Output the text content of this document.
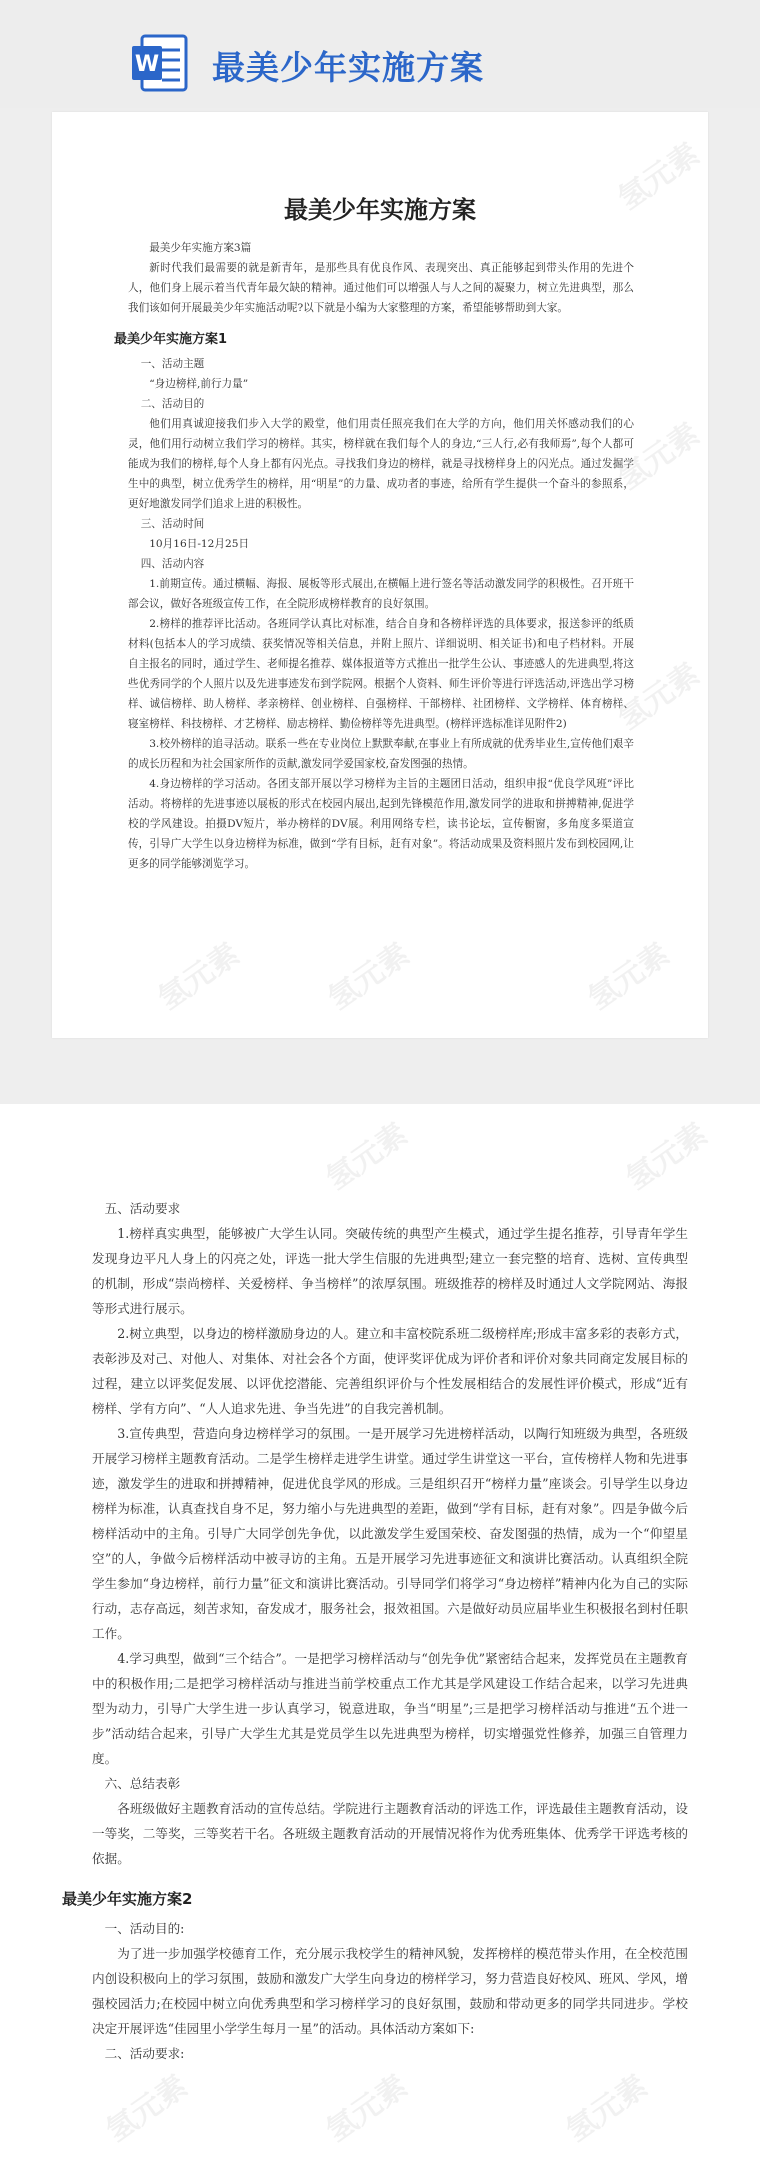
W 最美少年实施方案
最美少年实施方案

最美少年实施方案3篇

新时代我们最需要的就是新青年，是那些具有优良作风、表现突出、真正能够起到带头作用的先进个人，他们身上展示着当代青年最欠缺的精神。通过他们可以增强人与人之间的凝聚力，树立先进典型，那么我们该如何开展最美少年实施活动呢?以下就是小编为大家整理的方案，希望能够帮助到大家。

最美少年实施方案1

一、活动主题

“身边榜样,前行力量”

二、活动目的

他们用真诚迎接我们步入大学的殿堂，他们用责任照亮我们在大学的方向，他们用关怀感动我们的心灵，他们用行动树立我们学习的榜样。其实，榜样就在我们每个人的身边,“三人行,必有我师焉”,每个人都可能成为我们的榜样,每个人身上都有闪光点。寻找我们身边的榜样，就是寻找榜样身上的闪光点。通过发掘学生中的典型，树立优秀学生的榜样，用“明星”的力量、成功者的事迹，给所有学生提供一个奋斗的参照系，更好地激发同学们追求上进的积极性。

三、活动时间

10月16日-12月25日

四、活动内容

1.前期宣传。通过横幅、海报、展板等形式展出,在横幅上进行签名等活动激发同学的积极性。召开班干部会议，做好各班级宣传工作，在全院形成榜样教育的良好氛围。

2.榜样的推荐评比活动。各班同学认真比对标准，结合自身和各榜样评选的具体要求，报送参评的纸质材料(包括本人的学习成绩、获奖情况等相关信息，并附上照片、详细说明、相关证书)和电子档材料。开展自主报名的同时，通过学生、老师提名推荐、媒体报道等方式推出一批学生公认、事迹感人的先进典型,将这些优秀同学的个人照片以及先进事迹发布到学院网。根据个人资料、师生评价等进行评选活动,评选出学习榜样、诚信榜样、助人榜样、孝亲榜样、创业榜样、自强榜样、干部榜样、社团榜样、文学榜样、体育榜样、寝室榜样、科技榜样、才艺榜样、励志榜样、勤俭榜样等先进典型。(榜样评选标准详见附件2)

3.校外榜样的追寻活动。联系一些在专业岗位上默默奉献,在事业上有所成就的优秀毕业生,宣传他们艰辛的成长历程和为社会国家所作的贡献,激发同学爱国家校,奋发图强的热情。

4.身边榜样的学习活动。各团支部开展以学习榜样为主旨的主题团日活动，组织申报“优良学风班”评比活动。将榜样的先进事迹以展板的形式在校园内展出,起到先锋模范作用,激发同学的进取和拼搏精神,促进学校的学风建设。拍摄DV短片，举办榜样的DV展。利用网络专栏，读书论坛，宣传橱窗，多角度多渠道宣传，引导广大学生以身边榜样为标准，做到“学有目标，赶有对象”。将活动成果及资料照片发布到校园网,让更多的同学能够浏览学习。

氢元素
氢元素
氢元素
氢元素	氢元素	氢元素

五、活动要求

1.榜样真实典型，能够被广大学生认同。突破传统的典型产生模式，通过学生提名推荐，引导青年学生发现身边平凡人身上的闪亮之处，评选一批大学生信服的先进典型;建立一套完整的培育、选树、宣传典型的机制，形成“崇尚榜样、关爱榜样、争当榜样”的浓厚氛围。班级推荐的榜样及时通过人文学院网站、海报等形式进行展示。

2.树立典型，以身边的榜样激励身边的人。建立和丰富校院系班二级榜样库;形成丰富多彩的表彰方式，表彰涉及对己、对他人、对集体、对社会各个方面，使评奖评优成为评价者和评价对象共同商定发展目标的过程，建立以评奖促发展、以评优挖潜能、完善组织评价与个性发展相结合的发展性评价模式，形成“近有榜样、学有方向”、“人人追求先进、争当先进”的自我完善机制。

3.宣传典型，营造向身边榜样学习的氛围。一是开展学习先进榜样活动，以陶行知班级为典型，各班级开展学习榜样主题教育活动。二是学生榜样走进学生讲堂。通过学生讲堂这一平台，宣传榜样人物和先进事迹，激发学生的进取和拼搏精神，促进优良学风的形成。三是组织召开“榜样力量”座谈会。引导学生以身边榜样为标准，认真查找自身不足，努力缩小与先进典型的差距，做到“学有目标，赶有对象”。四是争做今后榜样活动中的主角。引导广大同学创先争优，以此激发学生爱国荣校、奋发图强的热情，成为一个“仰望星空”的人，争做今后榜样活动中被寻访的主角。五是开展学习先进事迹征文和演讲比赛活动。认真组织全院学生参加“身边榜样，前行力量”征文和演讲比赛活动。引导同学们将学习“身边榜样”精神内化为自己的实际行动，志存高远，刻苦求知，奋发成才，服务社会，报效祖国。六是做好动员应届毕业生积极报名到村任职工作。

4.学习典型，做到“三个结合”。一是把学习榜样活动与“创先争优”紧密结合起来，发挥党员在主题教育中的积极作用;二是把学习榜样活动与推进当前学校重点工作尤其是学风建设工作结合起来，以学习先进典型为动力，引导广大学生进一步认真学习，锐意进取，争当“明星”;三是把学习榜样活动与推进“五个进一步”活动结合起来，引导广大学生尤其是党员学生以先进典型为榜样，切实增强党性修养，加强三自管理力度。

六、总结表彰

各班级做好主题教育活动的宣传总结。学院进行主题教育活动的评选工作，评选最佳主题教育活动，设一等奖，二等奖，三等奖若干名。各班级主题教育活动的开展情况将作为优秀班集体、优秀学干评选考核的依据。

最美少年实施方案2

一、活动目的:

为了进一步加强学校德育工作，充分展示我校学生的精神风貌，发挥榜样的模范带头作用，在全校范围内创设积极向上的学习氛围，鼓励和激发广大学生向身边的榜样学习，努力营造良好校风、班风、学风，增强校园活力;在校园中树立向优秀典型和学习榜样学习的良好氛围，鼓励和带动更多的同学共同进步。学校决定开展评选“佳园里小学学生每月一星”的活动。具体活动方案如下:

二、活动要求:

氢元素	氢元素
氢元素	氢元素	氢元素
